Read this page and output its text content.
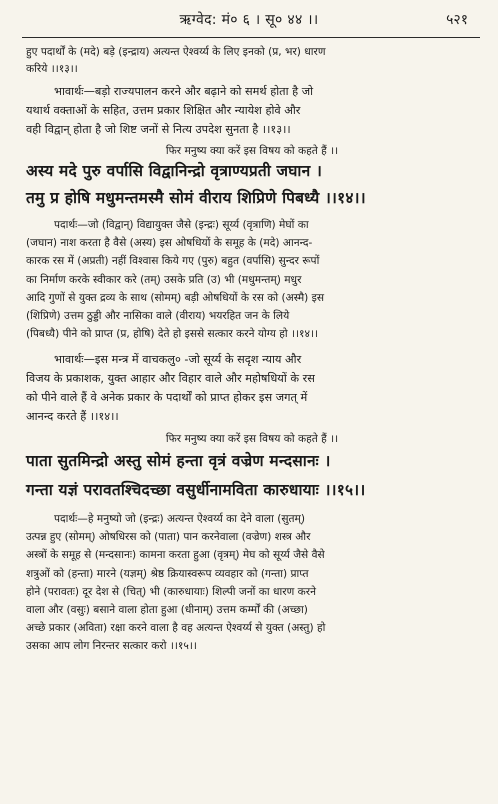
ऋग्वेद: मं० ६ । सू० ४४ ।।	५२१

हुए पदार्थों के (मदे) बड़े (इन्द्राय) अत्यन्त ऐश्वर्य्य के लिए इनको (प्र, भर) धारण

करिये ।।१३।।

भावार्थः—बड़ो राज्यपालन करने और बढ़ाने को समर्थ होता है जो

यथार्थ वक्ताओं के सहित, उत्तम प्रकार शिक्षित और न्यायेश होवे और

वही विद्वान् होता है जो शिष्ट जनों से नित्य उपदेश सुनता है ।।१३।।

फिर मनुष्य क्या करें इस विषय को कहते हैं ।।

अस्य मदे पुरु वर्पासि विद्वानिन्द्रो वृत्राण्यप्रती जघान ।

तमु प्र होषि मधुमन्तमस्मै सोमं वीराय शिप्रिणे पिबध्यै ।।१४।।

पदार्थः—जो (विद्वान्) विद्यायुक्त जैसे (इन्द्रः) सूर्य्य (वृत्राणि) मेघों का

(जघान) नाश करता है वैसे (अस्य) इस ओषधियों के समूह के (मदे) आनन्द-

कारक रस में (अप्रती) नहीं विश्वास किये गए (पुरु) बहुत (वर्पासि) सुन्दर रूपों

का निर्माण करके स्वीकार करे (तम्) उसके प्रति (उ) भी (मधुमन्तम्) मधुर

आदि गुणों से युक्त द्रव्य के साथ (सोमम्) बड़ी ओषधियों के रस को (अस्मै) इस

(शिप्रिणे) उत्तम ठुड्डी और नासिका वाले (वीराय) भयरहित जन के लिये

(पिबध्यै) पीने को प्राप्त (प्र, होषि) देते हो इससे सत्कार करने योग्य हो ।।१४।।

भावार्थः—इस मन्त्र में वाचकलु० -जो सूर्य्य के सदृश न्याय और

विजय के प्रकाशक, युक्त आहार और विहार वाले और महोषधियों के रस

को पीने वाले हैं वे अनेक प्रकार के पदार्थों को प्राप्त होकर इस जगत् में

आनन्द करते हैं ।।१४।।

फिर मनुष्य क्या करें इस विषय को कहते हैं ।।

पाता सुतमिन्द्रो अस्तु सोमं हन्ता वृत्रं वज्रेण मन्दसानः ।

गन्ता यज्ञं परावतश्चिदच्छा वसुर्धीनामविता कारुधायाः ।।१५।।

पदार्थः—हे मनुष्यो जो (इन्द्रः) अत्यन्त ऐश्वर्य्य का देने वाला (सुतम्)

उत्पन्न हुए (सोमम्) ओषधिरस को (पाता) पान करनेवाला (वज्रेण) शस्त्र और

अस्त्रों के समूह से (मन्दसानः) कामना करता हुआ (वृत्रम्) मेघ को सूर्य्य जैसे वैसे

शत्रुओं को (हन्ता) मारने (यज्ञम्) श्रेष्ठ क्रियास्वरूप व्यवहार को (गन्ता) प्राप्त

होने (परावतः) दूर देश से (चित्) भी (कारुधायाः) शिल्पी जनों का धारण करने

वाला और (वसुः) बसाने वाला होता हुआ (धीनाम्) उत्तम कर्म्मों की (अच्छा)

अच्छे प्रकार (अविता) रक्षा करने वाला है वह अत्यन्त ऐश्वर्य्य से युक्त (अस्तु) हो

उसका आप लोग निरन्तर सत्कार करो ।।१५।।
